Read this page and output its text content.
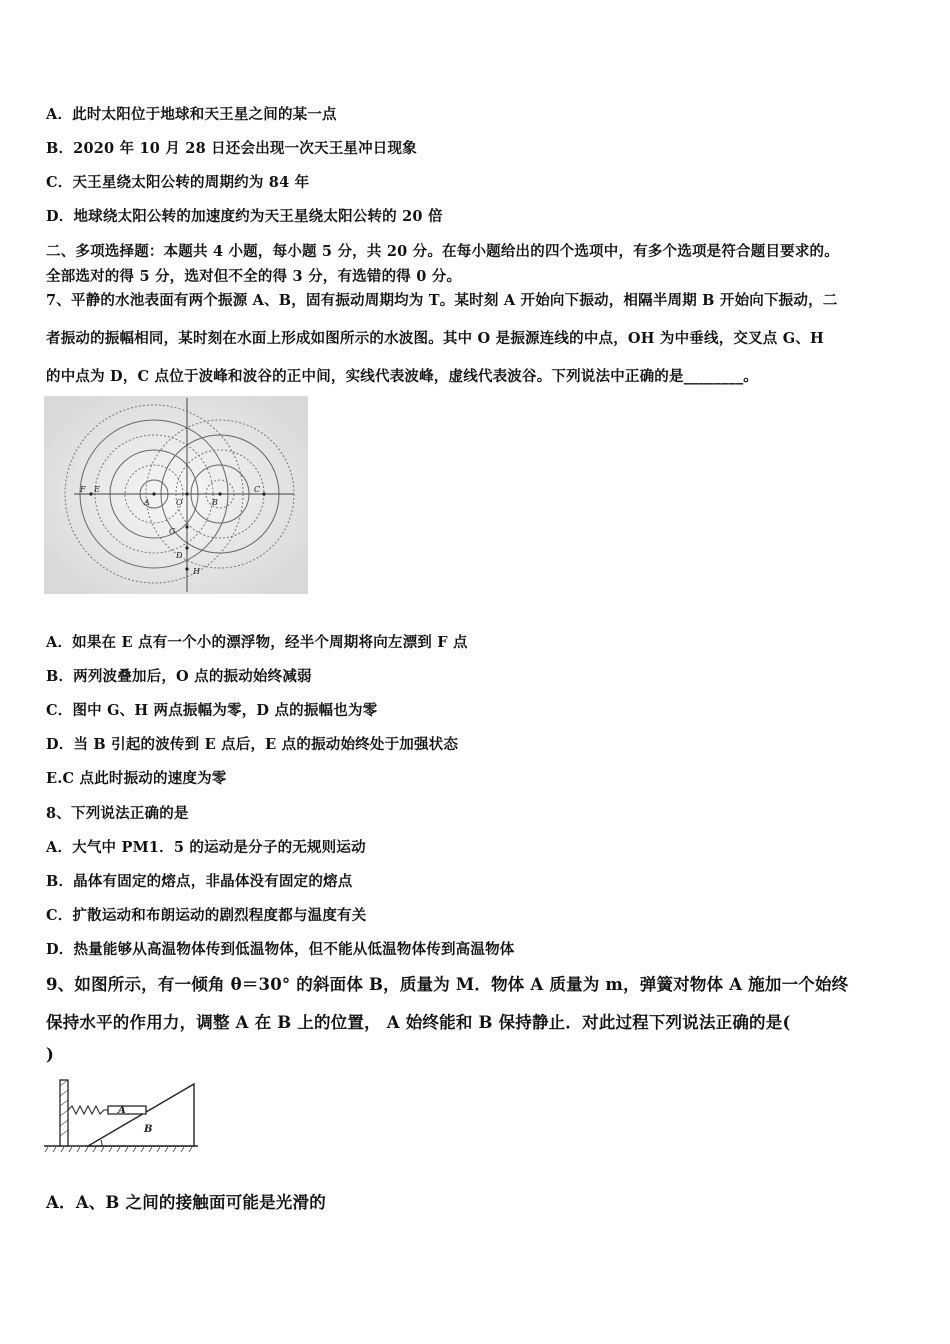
A．此时太阳位于地球和天王星之间的某一点
B．2020 年 10 月 28 日还会出现一次天王星冲日现象
C．天王星绕太阳公转的周期约为 84 年
D．地球绕太阳公转的加速度约为天王星绕太阳公转的 20 倍
二、多项选择题：本题共 4 小题，每小题 5 分，共 20 分。在每小题给出的四个选项中，有多个选项是符合题目要求的。
全部选对的得 5 分，选对但不全的得 3 分，有选错的得 0 分。
7、平静的水池表面有两个振源 A、B，固有振动周期均为 T。某时刻 A 开始向下振动，相隔半周期 B 开始向下振动，二
者振动的振幅相同，某时刻在水面上形成如图所示的水波图。其中 O 是振源连线的中点，OH 为中垂线，交叉点 G、H
的中点为 D，C 点位于波峰和波谷的正中间，实线代表波峰，虚线代表波谷。下列说法中正确的是________。
F E
A	O	B
C
G
D
H
A．如果在 E 点有一个小的漂浮物，经半个周期将向左漂到 F 点
B．两列波叠加后，O 点的振动始终减弱
C．图中 G、H 两点振幅为零，D 点的振幅也为零
D．当 B 引起的波传到 E 点后，E 点的振动始终处于加强状态
E.C 点此时振动的速度为零
8、下列说法正确的是
A．大气中 PM1．5 的运动是分子的无规则运动
B．晶体有固定的熔点，非晶体没有固定的熔点
C．扩散运动和布朗运动的剧烈程度都与温度有关
D．热量能够从高温物体传到低温物体，但不能从低温物体传到高温物体
9、如图所示，有一倾角 θ＝30° 的斜面体 B，质量为 M．物体 A 质量为 m，弹簧对物体 A 施加一个始终
保持水平的作用力，调整 A 在 B 上的位置， A 始终能和 B 保持静止．对此过程下列说法正确的是(
)
A
B
A．A、B 之间的接触面可能是光滑的
